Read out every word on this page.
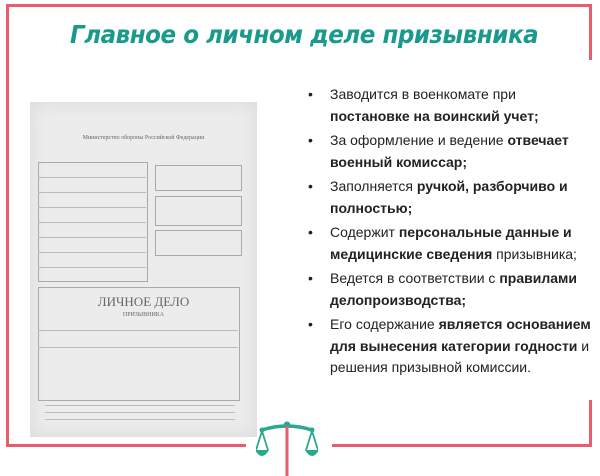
Главное о личном деле призывника
Министерство обороны Российской Федерации
ЛИЧНОЕ ДЕЛО
ПРИЗЫВНИКА
• Заводится в военкомате при постановке на воинский учет;
• За оформление и ведение отвечает военный комиссар;
• Заполняется ручкой, разборчиво и полностью;
• Содержит персональные данные и медицинские сведения призывника;
• Ведется в соответствии с правилами делопроизводства;
• Его содержание является основанием для вынесения категории годности и решения призывной комиссии.
